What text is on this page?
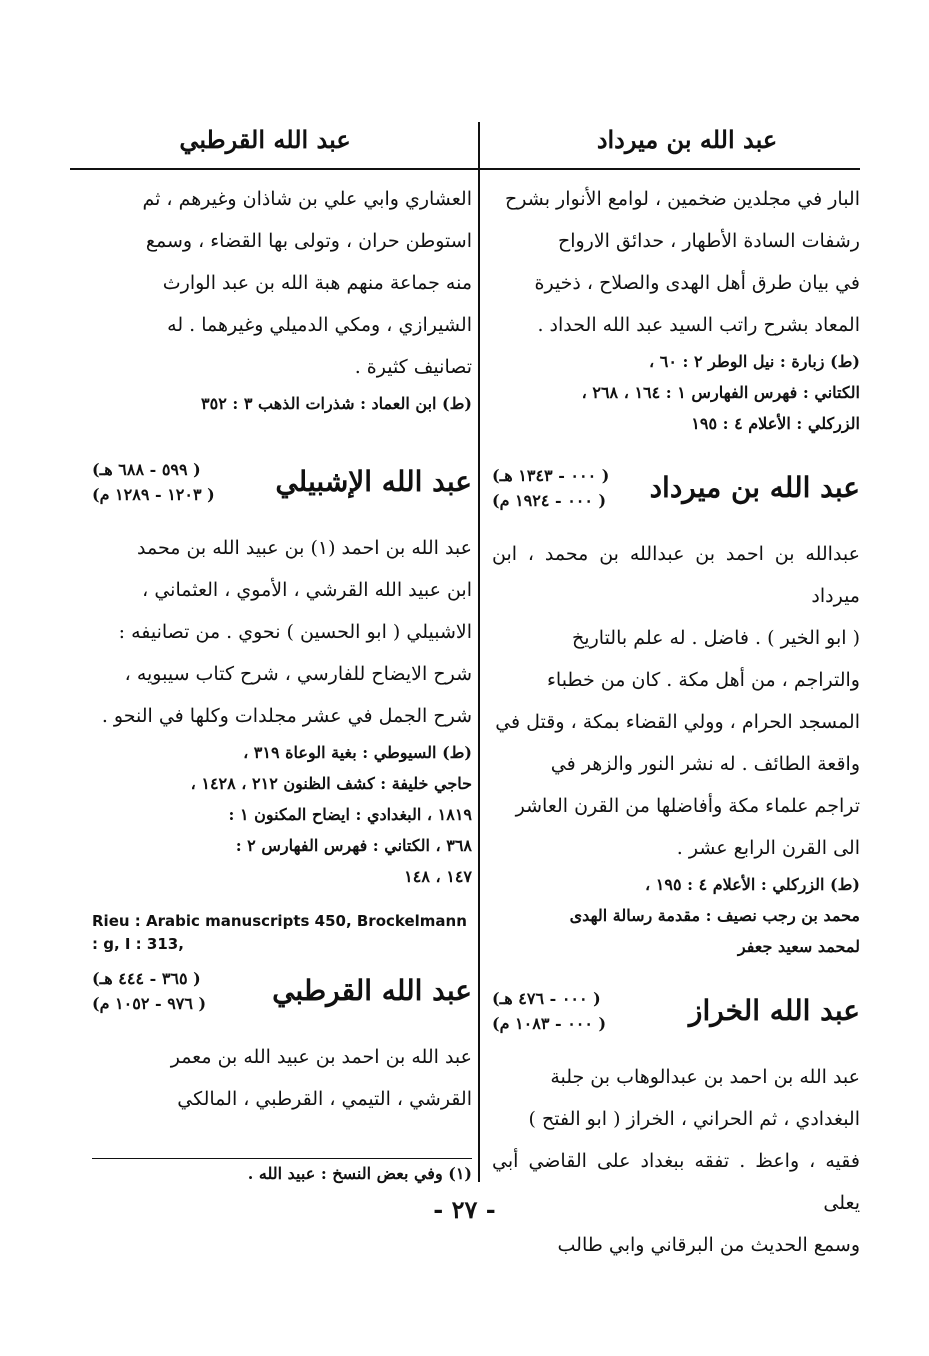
عبد الله بن ميرداد
عبد الله القرطبي
البار في مجلدين ضخمين ، لوامع الأنوار بشرح
رشفات السادة الأطهار ، حدائق الارواح
في بيان طرق أهل الهدى والصلاح ، ذخيرة
المعاد بشرح راتب السيد عبد الله الحداد .
(ط) زبارة : نيل الوطر ٢ : ٦٠ ،
الكتاني : فهرس الفهارس ١ : ١٦٤ ، ٢٦٨ ،
الزركلي : الأعلام ٤ : ١٩٥
عبد الله بن ميرداد
( ٠٠٠ - ١٣٤٣ هـ)
( ٠٠٠ - ١٩٢٤ م)
عبدالله بن احمد بن عبدالله بن محمد ، ابن ميرداد
( ابو الخير ) . فاضل . له علم بالتاريخ
والتراجم ، من أهل مكة . كان من خطباء
المسجد الحرام ، وولي القضاء بمكة ، وقتل في
واقعة الطائف . له نشر النور والزهر في
تراجم علماء مكة وأفاضلها من القرن العاشر
الى القرن الرابع عشر .
(ط) الزركلي : الأعلام ٤ : ١٩٥ ،
محمد بن رجب نصيف : مقدمة رسالة الهدى
لمحمد سعيد جعفر
عبد الله الخراز
( ٠٠٠ - ٤٧٦ هـ)
( ٠٠٠ - ١٠٨٣ م)
عبد الله بن احمد بن عبدالوهاب بن جلبة
البغدادي ، ثم الحراني ، الخراز ( ابو الفتح )
فقيه ، واعظ . تفقه ببغداد على القاضي أبي يعلى
وسمع الحديث من البرقاني وابي طالب
العشاري وابي علي بن شاذان وغيرهم ، ثم
استوطن حران ، وتولى بها القضاء ، وسمع
منه جماعة منهم هبة الله بن عبد الوارث
الشيرازي ، ومكي الدميلي وغيرهما . له
تصانيف كثيرة .
(ط) ابن العماد : شذرات الذهب ٣ : ٣٥٢
عبد الله الإشبيلي
( ٥٩٩ - ٦٨٨ هـ)
( ١٢٠٣ - ١٢٨٩ م)
عبد الله بن احمد (١) بن عبيد الله بن محمد
ابن عبيد الله القرشي ، الأموي ، العثماني ،
الاشبيلي ( ابو الحسين ) نحوي . من تصانيفه :
شرح الايضاح للفارسي ، شرح كتاب سيبويه ،
شرح الجمل في عشر مجلدات وكلها في النحو .
(ط) السيوطي : بغية الوعاة ٣١٩ ،
حاجي خليفة : كشف الظنون ٢١٢ ، ١٤٢٨ ،
١٨١٩ ، البغدادي : ايضاح المكنون ١ :
٣٦٨ ، الكتاني : فهرس الفهارس ٢ :
١٤٧ ، ١٤٨
Rieu : Arabic manuscripts 450, Brockelmann : g, I : 313,
عبد الله القرطبي
( ٣٦٥ - ٤٤٤ هـ)
( ٩٧٦ - ١٠٥٢ م)
عبد الله بن احمد بن عبيد الله بن معمر
القرشي ، التيمي ، القرطبي ، المالكي
(١) وفي بعض النسخ : عبيد الله .
- ٢٧ -
